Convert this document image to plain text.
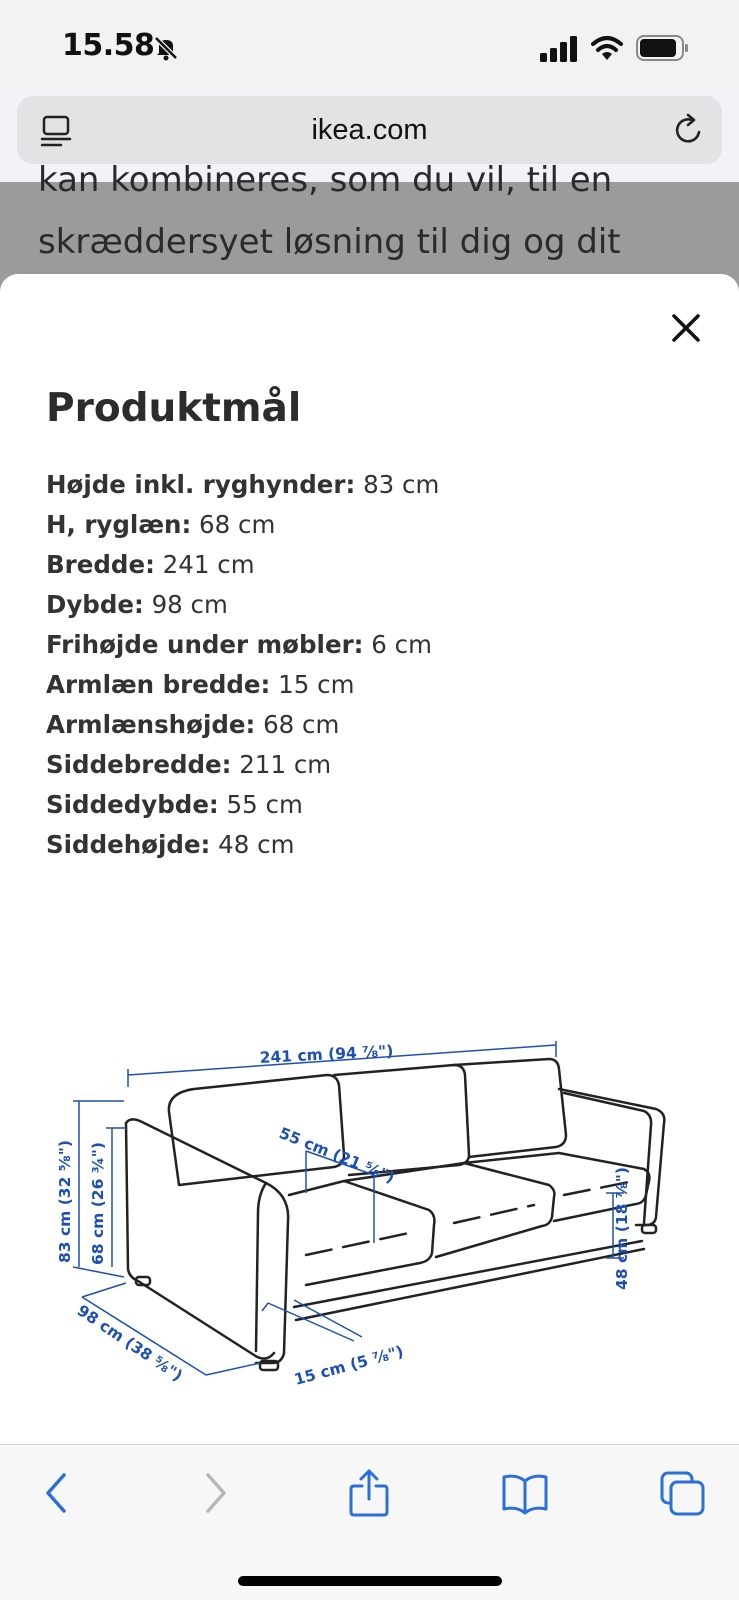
15.58
ikea.com
kan kombineres, som du vil, til en
skræddersyet løsning til dig og dit
Produktmål
Højde inkl. ryghynder: 83 cm
H, ryglæn: 68 cm
Bredde: 241 cm
Dybde: 98 cm
Frihøjde under møbler: 6 cm
Armlæn bredde: 15 cm
Armlænshøjde: 68 cm
Siddebredde: 211 cm
Siddedybde: 55 cm
Siddehøjde: 48 cm
241 cm (94 ⅞")
55 cm (21 ⅝")
83 cm (32 ⅝") 68 cm (26 ¾")
98 cm (38 ⅝")	15 cm (5 ⅞")
48 cm (18 ⅞")
